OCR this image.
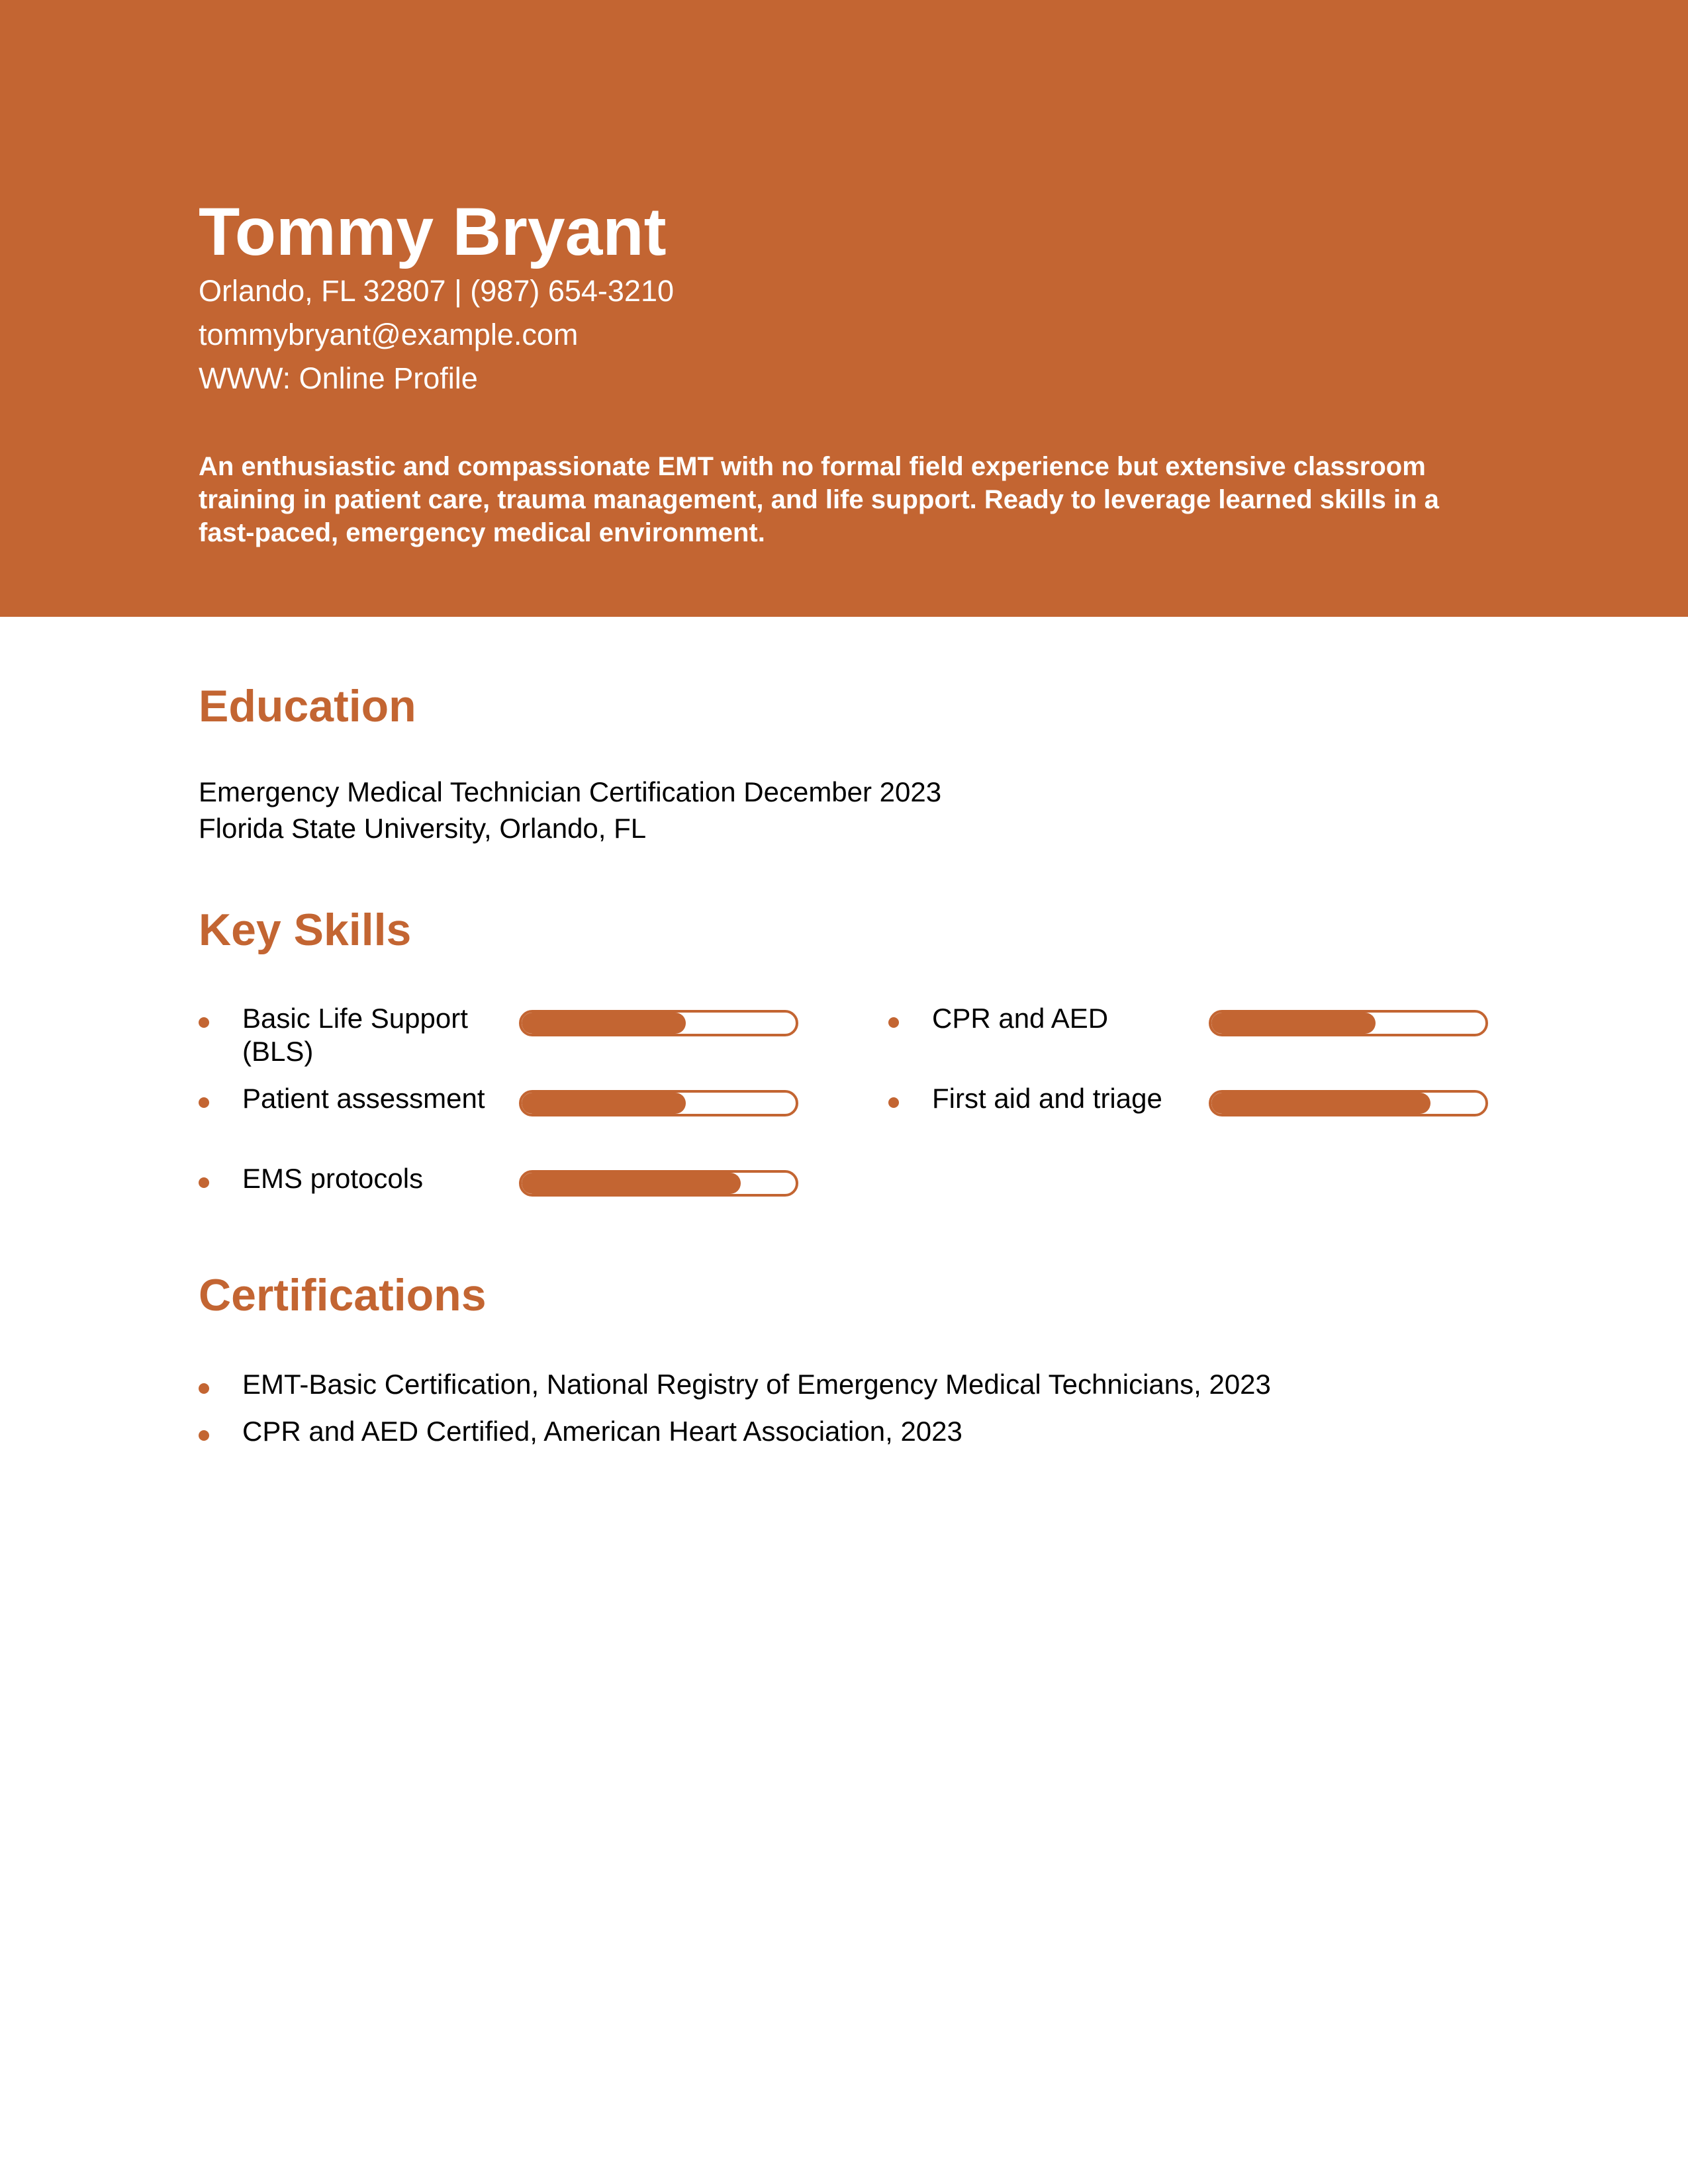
Tommy Bryant
Orlando, FL 32807 | (987) 654-3210
tommybryant@example.com
WWW: Online Profile

An enthusiastic and compassionate EMT with no formal field experience but extensive classroom training in patient care, trauma management, and life support. Ready to leverage learned skills in a fast-paced, emergency medical environment.

Education
Emergency Medical Technician Certification December 2023
Florida State University, Orlando, FL
Key Skills
Basic Life Support (BLS)
Patient assessment
EMS protocols
CPR and AED
First aid and triage
Certifications
EMT-Basic Certification, National Registry of Emergency Medical Technicians, 2023
CPR and AED Certified, American Heart Association, 2023
